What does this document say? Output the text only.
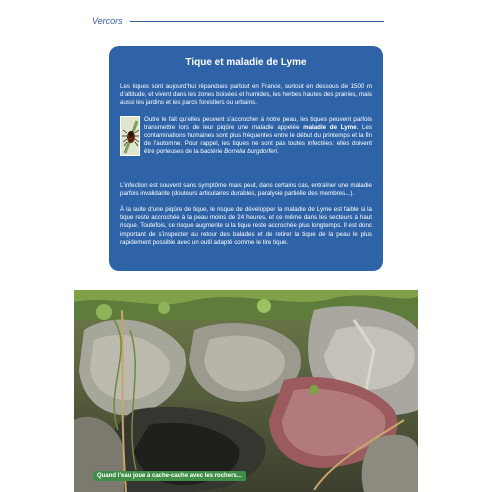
Vercors
Tique et maladie de Lyme

Les tiques sont aujourd’hui répandues partout en France, surtout en dessous de 1500 m d’altitude, et vivent dans les zones boisées et humides, les herbes hautes des prairies, mais aussi les jardins et les parcs forestiers ou urbains.

Outre le fait qu’elles peuvent s’accrocher à notre peau, les tiques peuvent parfois transmettre lors de leur piqûre une maladie appelée maladie de Lyme. Les contaminations humaines sont plus fréquentes entre le début du printemps et la fin de l’automne. Pour rappel, les tiques ne sont pas toutes infectées: elles doivent être porteuses de la bactérie Borrelia burgdorferi.

L’infection est souvent sans symptôme mais peut, dans certains cas, entraîner une maladie parfois invalidante (douleurs articulaires durables, paralysie partielle des membres...).

À la suite d’une piqûre de tique, le risque de développer la maladie de Lyme est faible si la tique reste accrochée à la peau moins de 24 heures, et ce même dans les secteurs à haut risque. Toutefois, ce risque augmente si la tique reste accrochée plus longtemps. Il est donc important de s’inspecter au retour des balades et de retirer la tique de la peau le plus rapidement possible avec un outil adapté comme le tire tique.

Quand l’eau joue à cache-cache avec les rochers...
